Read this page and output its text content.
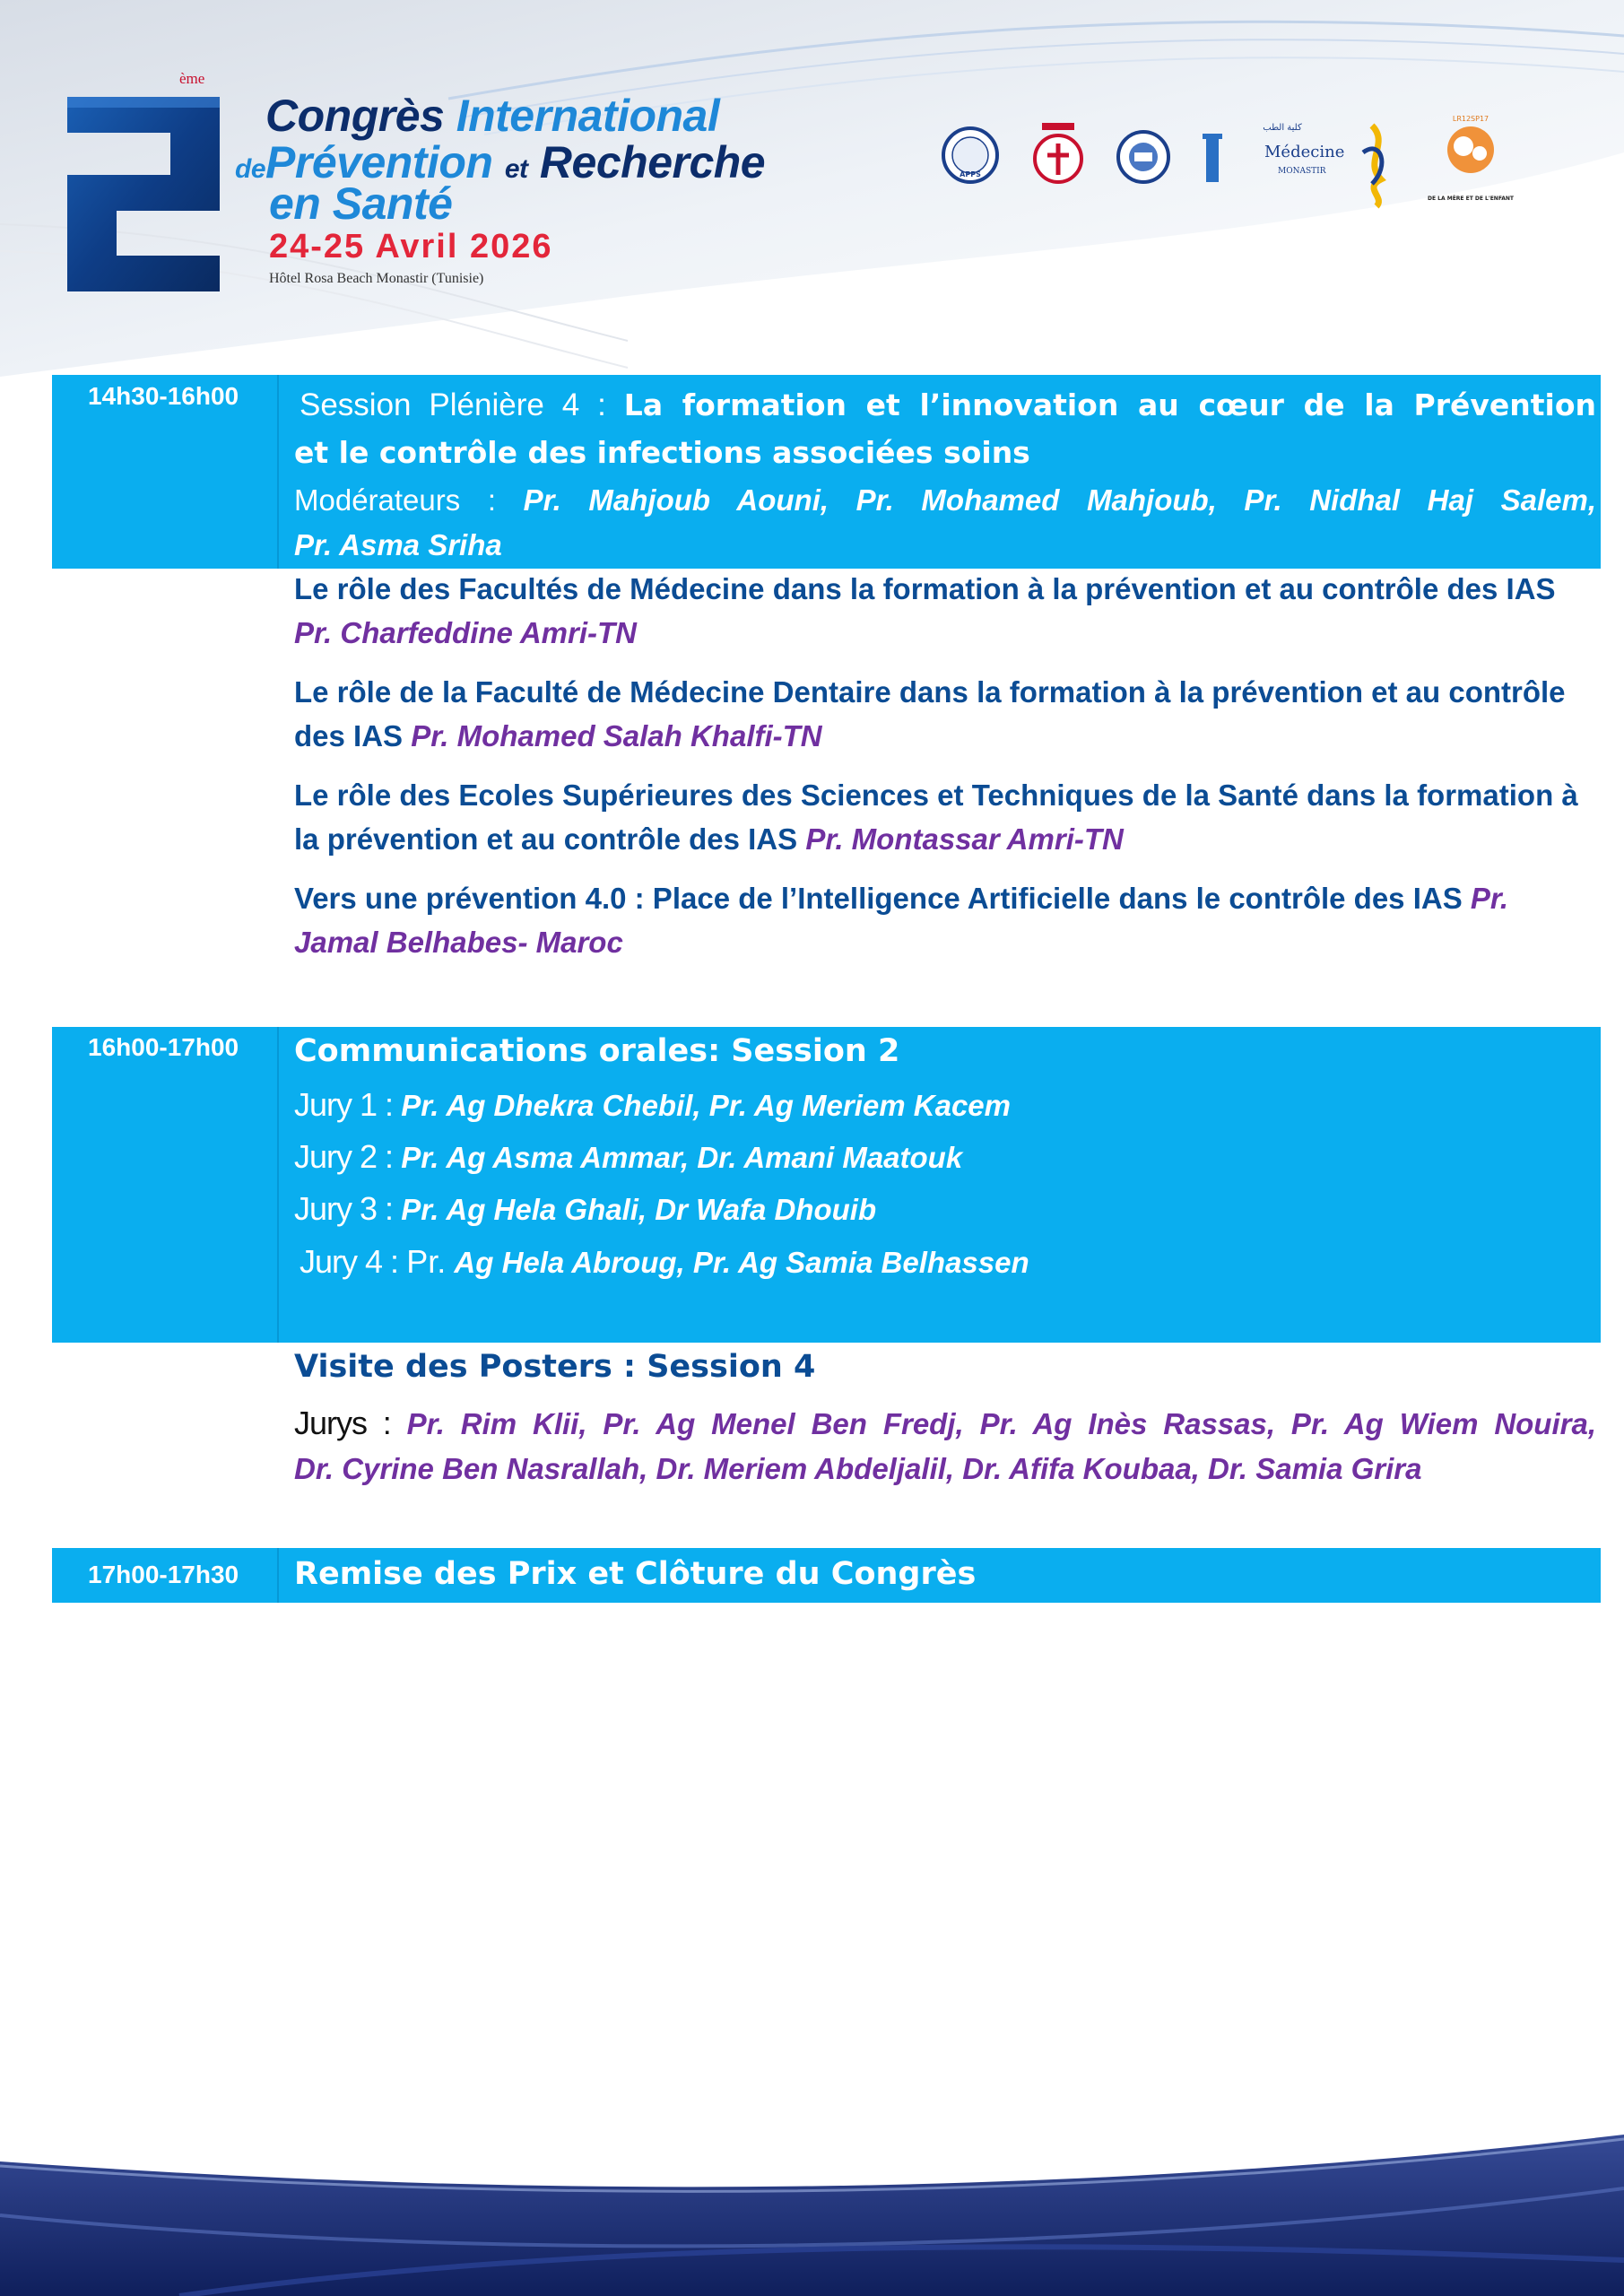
ème
Congrès International
dePrévention et Recherche
en Santé
24-25 Avril 2026
Hôtel Rosa Beach Monastir (Tunisie)
APPS
كلية الطب
Médecine
MONASTIR
LR12SP17
DE LA MÈRE ET DE L'ENFANT
14h30-16h00 Session Plénière 4 : La formation et l’innovation au cœur de la Prévention
et le contrôle des infections associées soins
Modérateurs : Pr. Mahjoub Aouni, Pr. Mohamed Mahjoub, Pr. Nidhal Haj Salem,
Pr. Asma Sriha
Le rôle des Facultés de Médecine dans la formation à la prévention et au contrôle des IAS Pr. Charfeddine Amri-TN
Le rôle de la Faculté de Médecine Dentaire dans la formation à la prévention et au contrôle des IAS Pr. Mohamed Salah Khalfi-TN
Le rôle des Ecoles Supérieures des Sciences et Techniques de la Santé dans la formation à la prévention et au contrôle des IAS Pr. Montassar Amri-TN
Vers une prévention 4.0 : Place de l’Intelligence Artificielle dans le contrôle des IAS Pr. Jamal Belhabes- Maroc
16h00-17h00 Communications orales: Session 2
Jury 1 : Pr. Ag Dhekra Chebil, Pr. Ag Meriem Kacem
Jury 2 : Pr. Ag Asma Ammar, Dr. Amani Maatouk
Jury 3 : Pr. Ag Hela Ghali, Dr Wafa Dhouib
Jury 4 : Pr. Ag Hela Abroug, Pr. Ag Samia Belhassen
Visite des Posters : Session 4
Jurys : Pr. Rim Klii, Pr. Ag Menel Ben Fredj, Pr. Ag Inès Rassas, Pr. Ag Wiem Nouira,
Dr. Cyrine Ben Nasrallah, Dr. Meriem Abdeljalil, Dr. Afifa Koubaa, Dr. Samia Grira
17h00-17h30 Remise des Prix et Clôture du Congrès
